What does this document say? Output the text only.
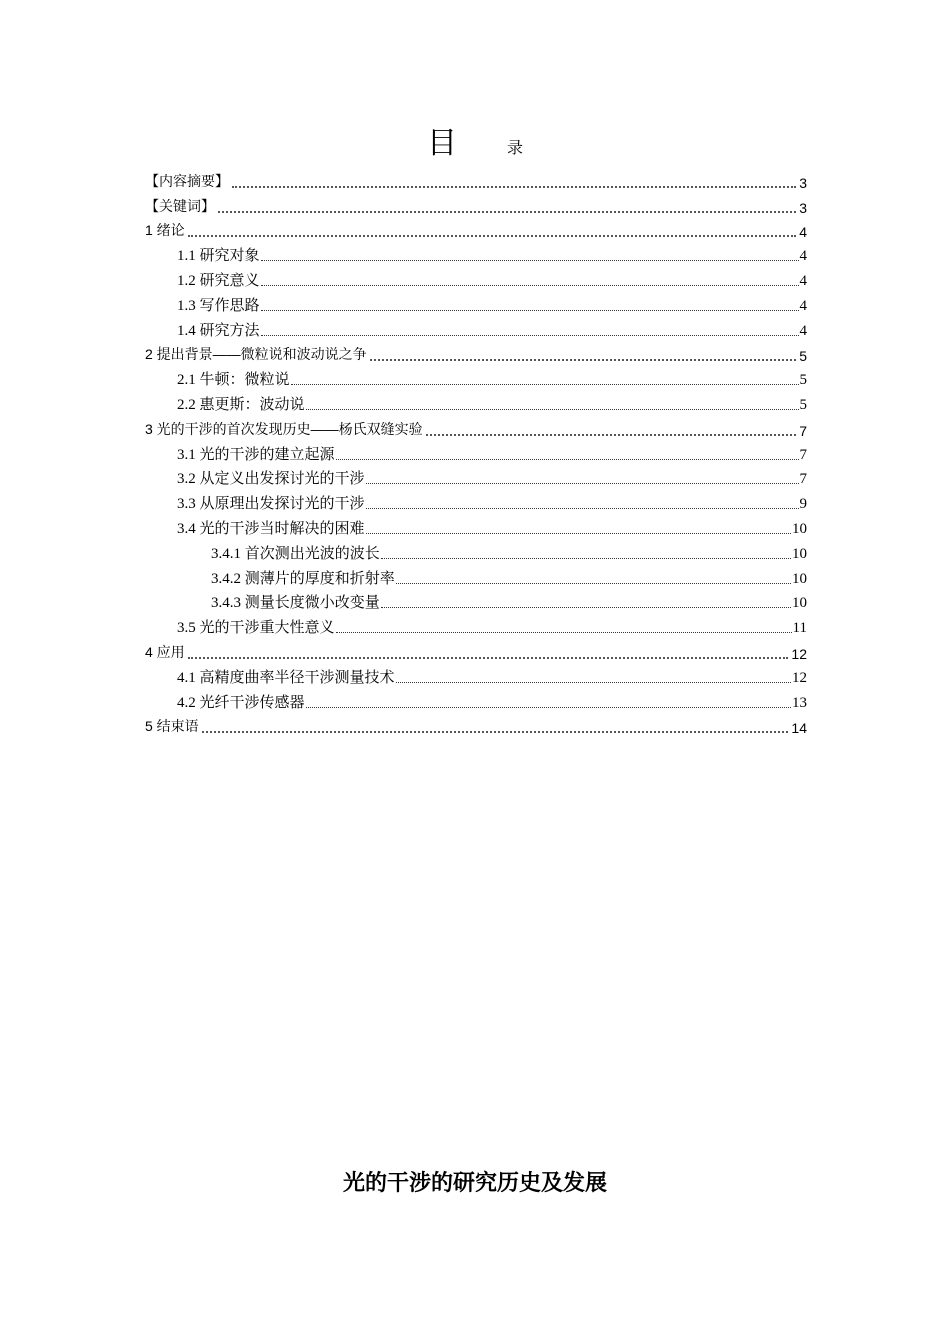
目	录
【内容摘要】	3
【关键词】	3
1 绪论	4
1.1 研究对象	4
1.2 研究意义	4
1.3 写作思路	4
1.4 研究方法	4
2 提出背景——微粒说和波动说之争	5
2.1 牛顿：微粒说	5
2.2 惠更斯：波动说	5
3 光的干涉的首次发现历史——杨氏双缝实验	7
3.1 光的干涉的建立起源	7
3.2 从定义出发探讨光的干涉	7
3.3 从原理出发探讨光的干涉	9
3.4 光的干涉当时解决的困难	10
3.4.1 首次测出光波的波长	10
3.4.2 测薄片的厚度和折射率	10
3.4.3 测量长度微小改变量	10
3.5 光的干涉重大性意义	11
4 应用	12
4.1 高精度曲率半径干涉测量技术	12
4.2 光纤干涉传感器	13
5 结束语	14
光的干涉的研究历史及发展
